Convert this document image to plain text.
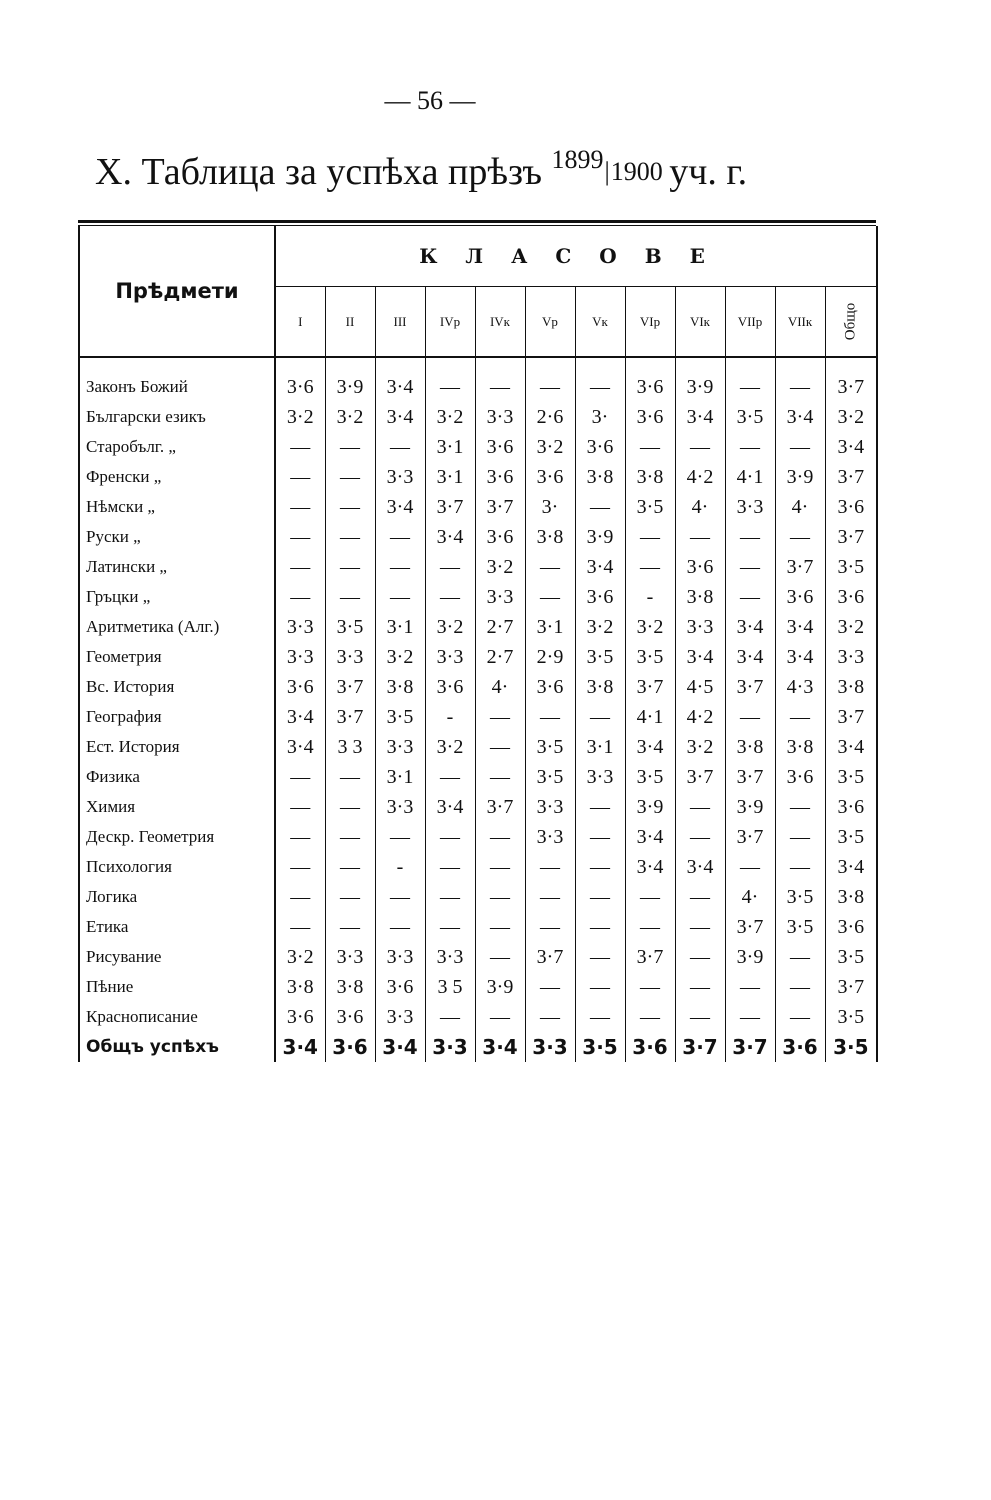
— 56 —
X. Таблица за успѣха прѣзъ 1899|1900 уч. г.
Прѣдмети	КЛАСОВЕ											
	I	II	III	IVр	IVк	Vр	Vк	VIр	VIк	VIIр	VIIк	Общо
Законъ Божий	3·6	3·9	3·4	—	—	—	—	3·6	3·9	—	—	3·7
Български езикъ	3·2	3·2	3·4	3·2	3·3	2·6	3·	3·6	3·4	3·5	3·4	3·2
Старобълг. „	—	—	—	3·1	3·6	3·2	3·6	—	—	—	—	3·4
Френски „	—	—	3·3	3·1	3·6	3·6	3·8	3·8	4·2	4·1	3·9	3·7
Нѣмски „	—	—	3·4	3·7	3·7	3·	—	3·5	4·	3·3	4·	3·6
Руски „	—	—	—	3·4	3·6	3·8	3·9	—	—	—	—	3·7
Латински „	—	—	—	—	3·2	—	3·4	—	3·6	—	3·7	3·5
Гръцки „	—	—	—	—	3·3	—	3·6	-	3·8	—	3·6	3·6
Аритметика (Алг.)	3·3	3·5	3·1	3·2	2·7	3·1	3·2	3·2	3·3	3·4	3·4	3·2
Геометрия	3·3	3·3	3·2	3·3	2·7	2·9	3·5	3·5	3·4	3·4	3·4	3·3
Вс. История	3·6	3·7	3·8	3·6	4·	3·6	3·8	3·7	4·5	3·7	4·3	3·8
География	3·4	3·7	3·5	-	—	—	—	4·1	4·2	—	—	3·7
Ест. История	3·4	3 3	3·3	3·2	—	3·5	3·1	3·4	3·2	3·8	3·8	3·4
Физика	—	—	3·1	—	—	3·5	3·3	3·5	3·7	3·7	3·6	3·5
Химия	—	—	3·3	3·4	3·7	3·3	—	3·9	—	3·9	—	3·6
Дескр. Геометрия	—	—	—	—	—	3·3	—	3·4	—	3·7	—	3·5
Психология	—	—	-	—	—	—	—	3·4	3·4	—	—	3·4
Логика	—	—	—	—	—	—	—	—	—	4·	3·5	3·8
Етика	—	—	—	—	—	—	—	—	—	3·7	3·5	3·6
Рисувание	3·2	3·3	3·3	3·3	—	3·7	—	3·7	—	3·9	—	3·5
Пѣние	3·8	3·8	3·6	3 5	3·9	—	—	—	—	—	—	3·7
Краснописание	3·6	3·6	3·3	—	—	—	—	—	—	—	—	3·5
Общъ успѣхъ	3·4	3·6	3·4	3·3	3·4	3·3	3·5	3·6	3·7	3·7	3·6	3·5
